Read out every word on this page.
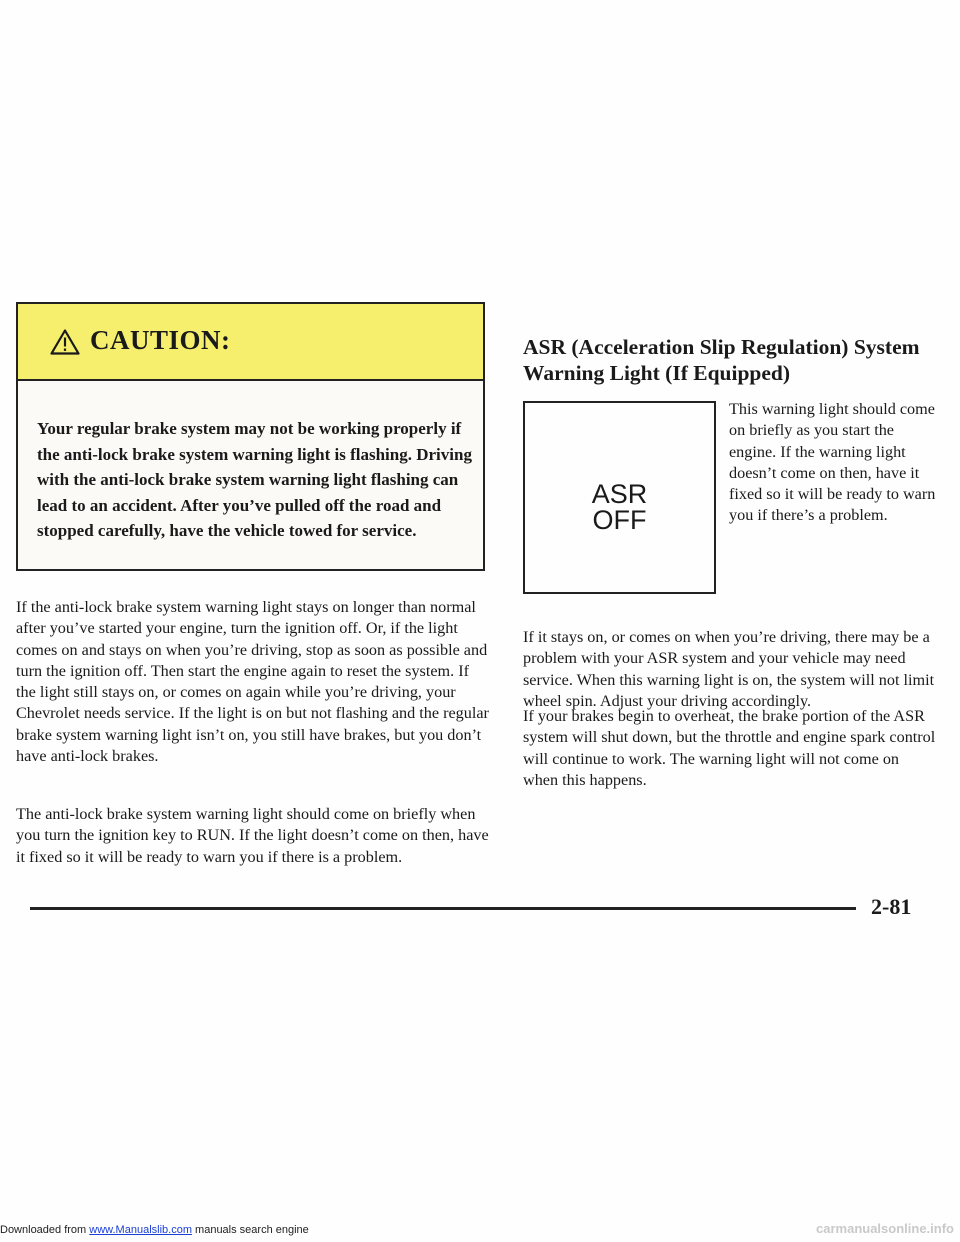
CAUTION:
Your regular brake system may not be working properly if the anti-lock brake system warning light is flashing. Driving with the anti-lock brake system warning light flashing can lead to an accident. After you’ve pulled off the road and stopped carefully, have the vehicle towed for service.

If the anti-lock brake system warning light stays on longer than normal after you’ve started your engine, turn the ignition off. Or, if the light comes on and stays on when you’re driving, stop as soon as possible and turn the ignition off. Then start the engine again to reset the system. If the light still stays on, or comes on again while you’re driving, your Chevrolet needs service. If the light is on but not flashing and the regular brake system warning light isn’t on, you still have brakes, but you don’t have anti-lock brakes.

The anti-lock brake system warning light should come on briefly when you turn the ignition key to RUN. If the light doesn’t come on then, have it fixed so it will be ready to warn you if there is a problem.

ASR (Acceleration Slip Regulation) System Warning Light (If Equipped)
ASR
OFF

This warning light should come on briefly as you start the engine. If the warning light doesn’t come on then, have it fixed so it will be ready to warn you if there’s a problem.

If it stays on, or comes on when you’re driving, there may be a problem with your ASR system and your vehicle may need service. When this warning light is on, the system will not limit wheel spin. Adjust your driving accordingly.

If your brakes begin to overheat, the brake portion of the ASR system will shut down, but the throttle and engine spark control will continue to work. The warning light will not come on when this happens.

2-81
Downloaded from www.Manualslib.com manuals search engine	carmanualsonline.info
